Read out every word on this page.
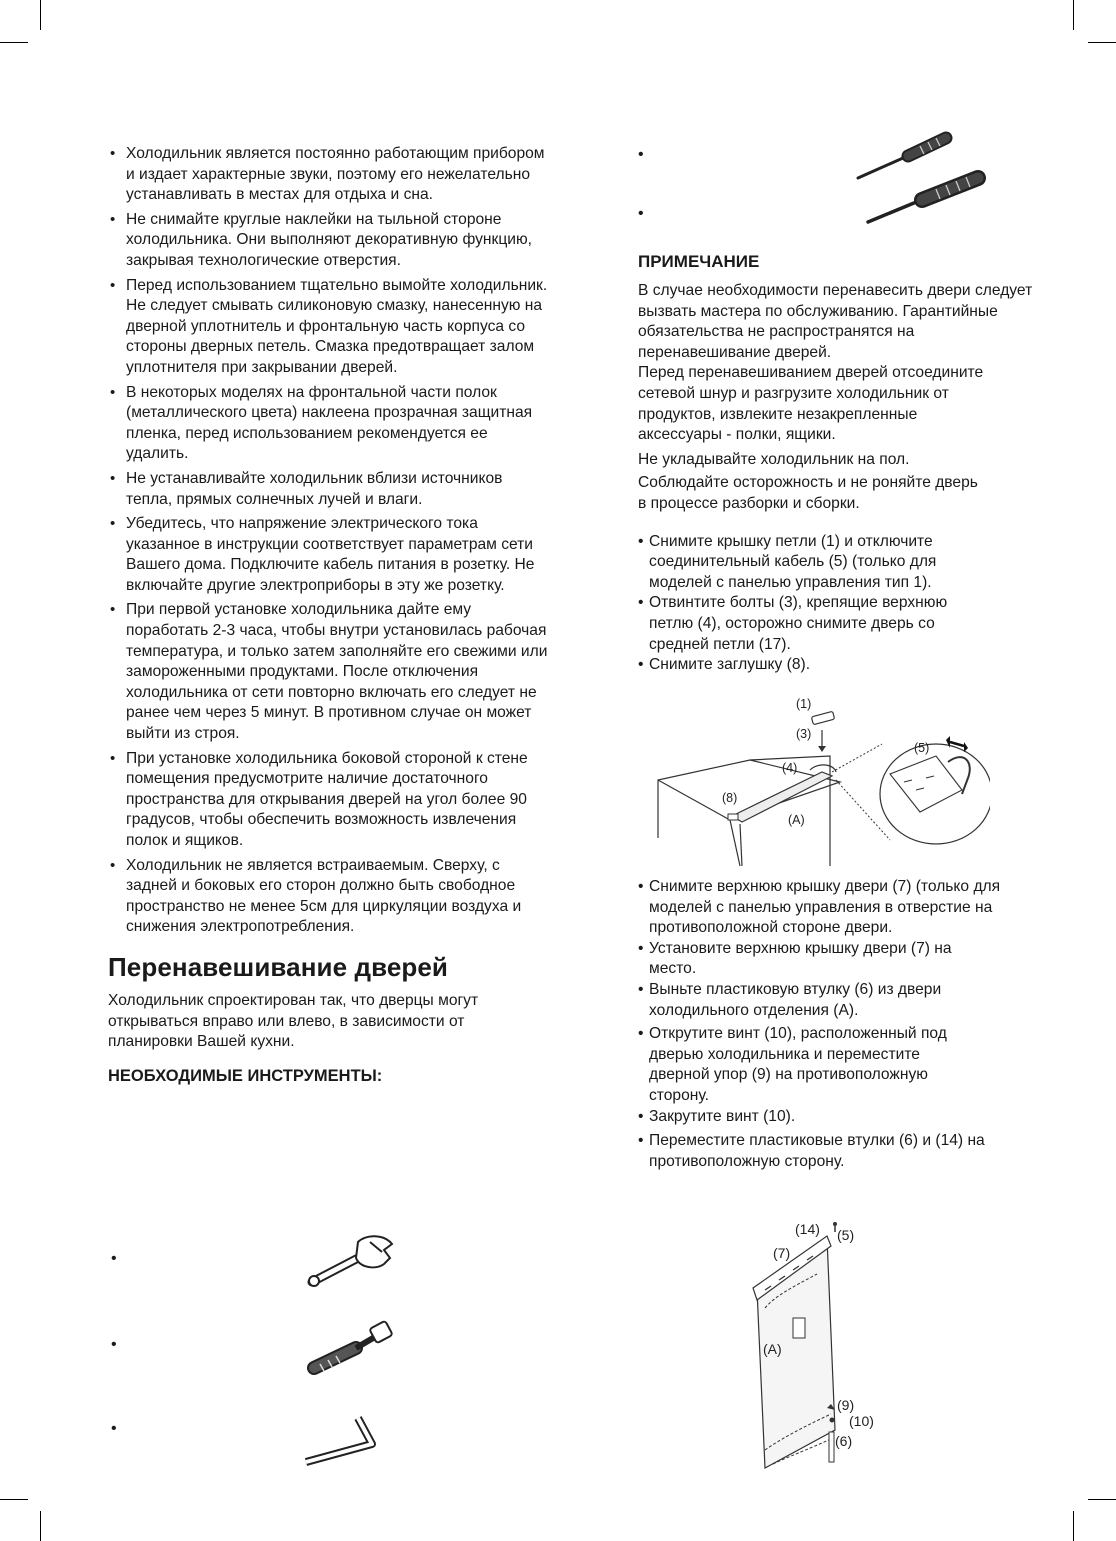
• Холодильник является постоянно работающим прибором и издает характерные звуки, поэтому его нежелательно устанавливать в местах для отдыха и сна.
• Не снимайте круглые наклейки на тыльной стороне холодильника. Они выполняют декоративную функцию, закрывая технологические отверстия.
• Перед использованием тщательно вымойте холодильник. Не следует смывать силиконовую смазку, нанесенную на дверной уплотнитель и фронтальную часть корпуса со стороны дверных петель. Смазка предотвращает залом уплотнителя при закрывании дверей.
• В некоторых моделях на фронтальной части полок (металлического цвета) наклеена прозрачная защитная пленка, перед использованием рекомендуется ее удалить.
• Не устанавливайте холодильник вблизи источников тепла, прямых солнечных лучей и влаги.
• Убедитесь, что напряжение электрического тока указанное в инструкции соответствует параметрам сети Вашего дома. Подключите кабель питания в розетку. Не включайте другие электроприборы в эту же розетку.
• При первой установке холодильника дайте ему поработать 2-3 часа, чтобы внутри установилась рабочая температура, и только затем заполняйте его свежими или замороженными продуктами. После отключения холодильника от сети повторно включать его следует не ранее чем через 5 минут. В противном случае он может выйти из строя.
• При установке холодильника боковой стороной к стене помещения предусмотрите наличие достаточного пространства для открывания дверей на угол более 90 градусов, чтобы обеспечить возможность извлечения полок и ящиков.
• Холодильник не является встраиваемым. Сверху, с задней и боковых его сторон должно быть свободное пространство не менее 5см для циркуляции воздуха и снижения электропотребления.
Перенавешивание дверей

Холодильник спроектирован так, что дверцы могут открываться вправо или влево, в зависимости от планировки Вашей кухни.

НЕОБХОДИМЫЕ ИНСТРУМЕНТЫ:
•
•
•
•
•
ПРИМЕЧАНИЕ

В случае необходимости перенавесить двери следует вызвать мастера по обслуживанию. Гарантийные обязательства не распространятся на перенавешивание дверей.

Перед перенавешиванием дверей отсоедините сетевой шнур и разгрузите холодильник от продуктов, извлеките незакрепленные аксессуары - полки, ящики.

Не укладывайте холодильник на пол.

Соблюдайте осторожность и не роняйте дверь в процессе разборки и сборки.

• Снимите крышку петли (1) и отключите соединительный кабель (5) (только для моделей с панелью управления тип 1).
• Отвинтите болты (3), крепящие верхнюю петлю (4), осторожно снимите дверь со средней петли (17).
• Снимите заглушку (8).
(1)
(3)
(4)
(8)
(A)
(5)
• Снимите верхнюю крышку двери (7) (только для моделей с панелью управления в отверстие на противоположной стороне двери.
• Установите верхнюю крышку двери (7) на место.
• Выньте пластиковую втулку (6) из двери холодильного отделения (А).
• Открутите винт (10), расположенный под дверью холодильника и переместите дверной упор (9) на противоположную сторону.
• Закрутите винт (10).
• Переместите пластиковые втулки (6) и (14) на противоположную сторону.
(14) (5)
(7)
(A)
(9)
(10)
(6)
